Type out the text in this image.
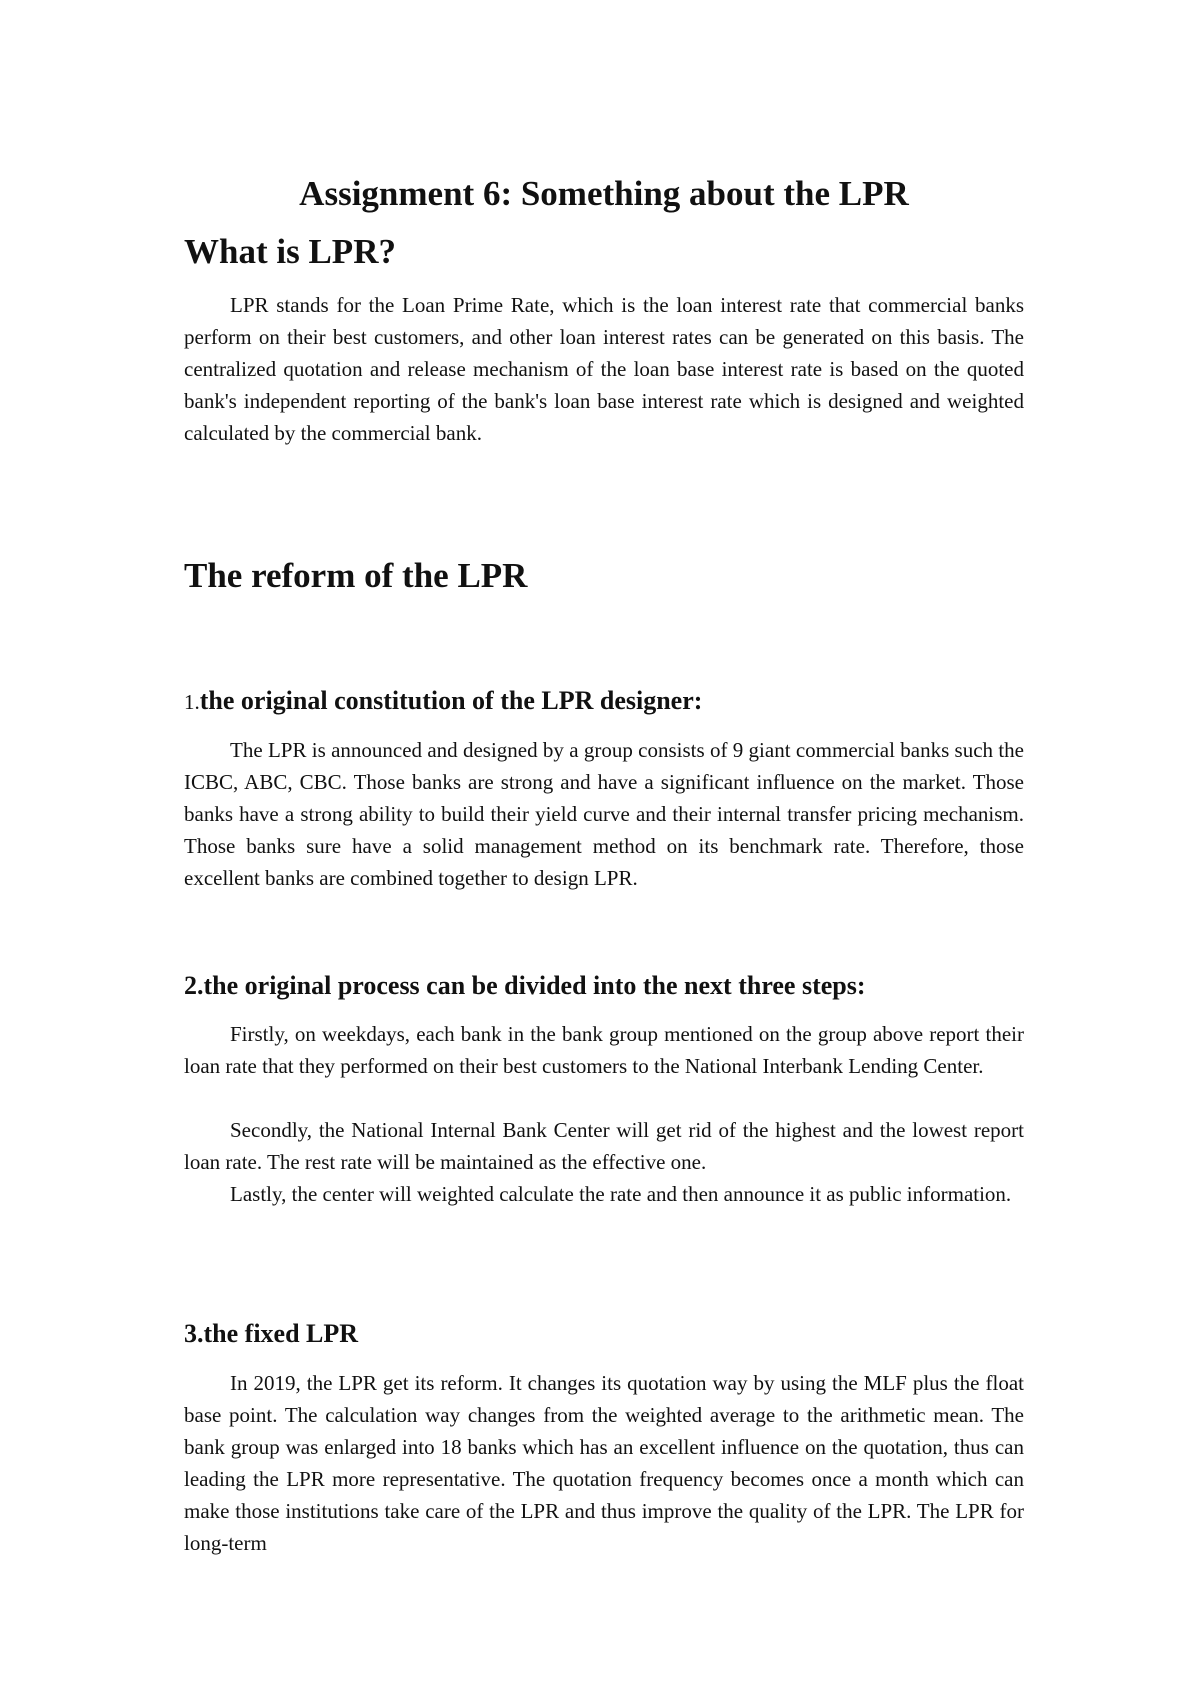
Assignment 6: Something about the LPR
What is LPR?

LPR stands for the Loan Prime Rate, which is the loan interest rate that commercial banks perform on their best customers, and other loan interest rates can be generated on this basis. The centralized quotation and release mechanism of the loan base interest rate is based on the quoted bank's independent reporting of the bank's loan base interest rate which is designed and weighted calculated by the commercial bank.

The reform of the LPR
1.the original constitution of the LPR designer:

The LPR is announced and designed by a group consists of 9 giant commercial banks such the ICBC, ABC, CBC. Those banks are strong and have a significant influence on the market. Those banks have a strong ability to build their yield curve and their internal transfer pricing mechanism. Those banks sure have a solid management method on its benchmark rate. Therefore, those excellent banks are combined together to design LPR.

2.the original process can be divided into the next three steps:

Firstly, on weekdays, each bank in the bank group mentioned on the group above report their loan rate that they performed on their best customers to the National Interbank Lending Center.

Secondly, the National Internal Bank Center will get rid of the highest and the lowest report loan rate. The rest rate will be maintained as the effective one.

Lastly, the center will weighted calculate the rate and then announce it as public information.

3.the fixed LPR

In 2019, the LPR get its reform. It changes its quotation way by using the MLF plus the float base point. The calculation way changes from the weighted average to the arithmetic mean. The bank group was enlarged into 18 banks which has an excellent influence on the quotation, thus can leading the LPR more representative. The quotation frequency becomes once a month which can make those institutions take care of the LPR and thus improve the quality of the LPR. The LPR for long-term
